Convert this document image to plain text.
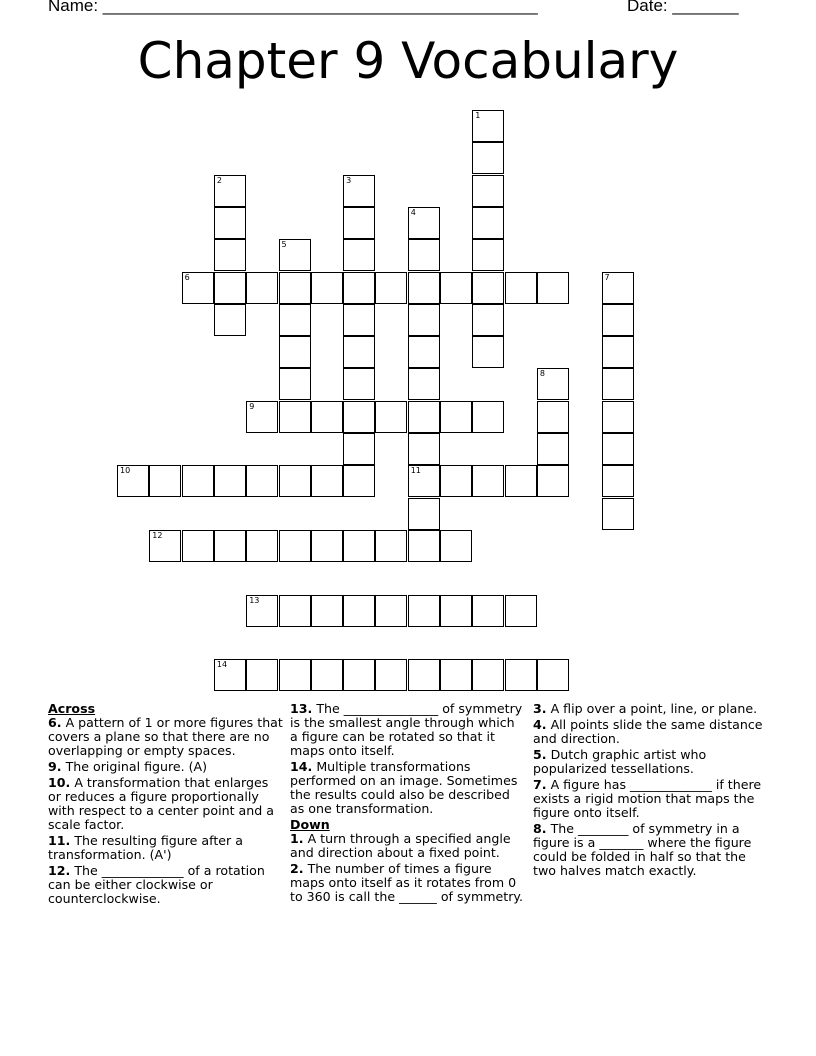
Name: ______________________________________________	Date: _______
Chapter 9 Vocabulary
1
2	3
4
11
5
6	7
8
9
10
12
13
14
Across
6. A pattern of 1 or more figures that covers a plane so that there are no overlapping or empty spaces.
9. The original figure. (A)
10. A transformation that enlarges or reduces a figure proportionally with respect to a center point and a scale factor.
11. The resulting figure after a transformation. (A')
12. The _____________ of a rotation can be either clockwise or counterclockwise.
13. The _______________ of symmetry is the smallest angle through which a figure can be rotated so that it maps onto itself.
14. Multiple transformations performed on an image. Sometimes the results could also be described as one transformation.
Down
1. A turn through a specified angle and direction about a fixed point.
2. The number of times a figure maps onto itself as it rotates from 0 to 360 is call the ______ of symmetry.
3. A flip over a point, line, or plane.
4. All points slide the same distance and direction.
5. Dutch graphic artist who popularized tessellations.
7. A figure has _____________ if there exists a rigid motion that maps the figure onto itself.
8. The ________ of symmetry in a figure is a _______ where the figure could be folded in half so that the two halves match exactly.
